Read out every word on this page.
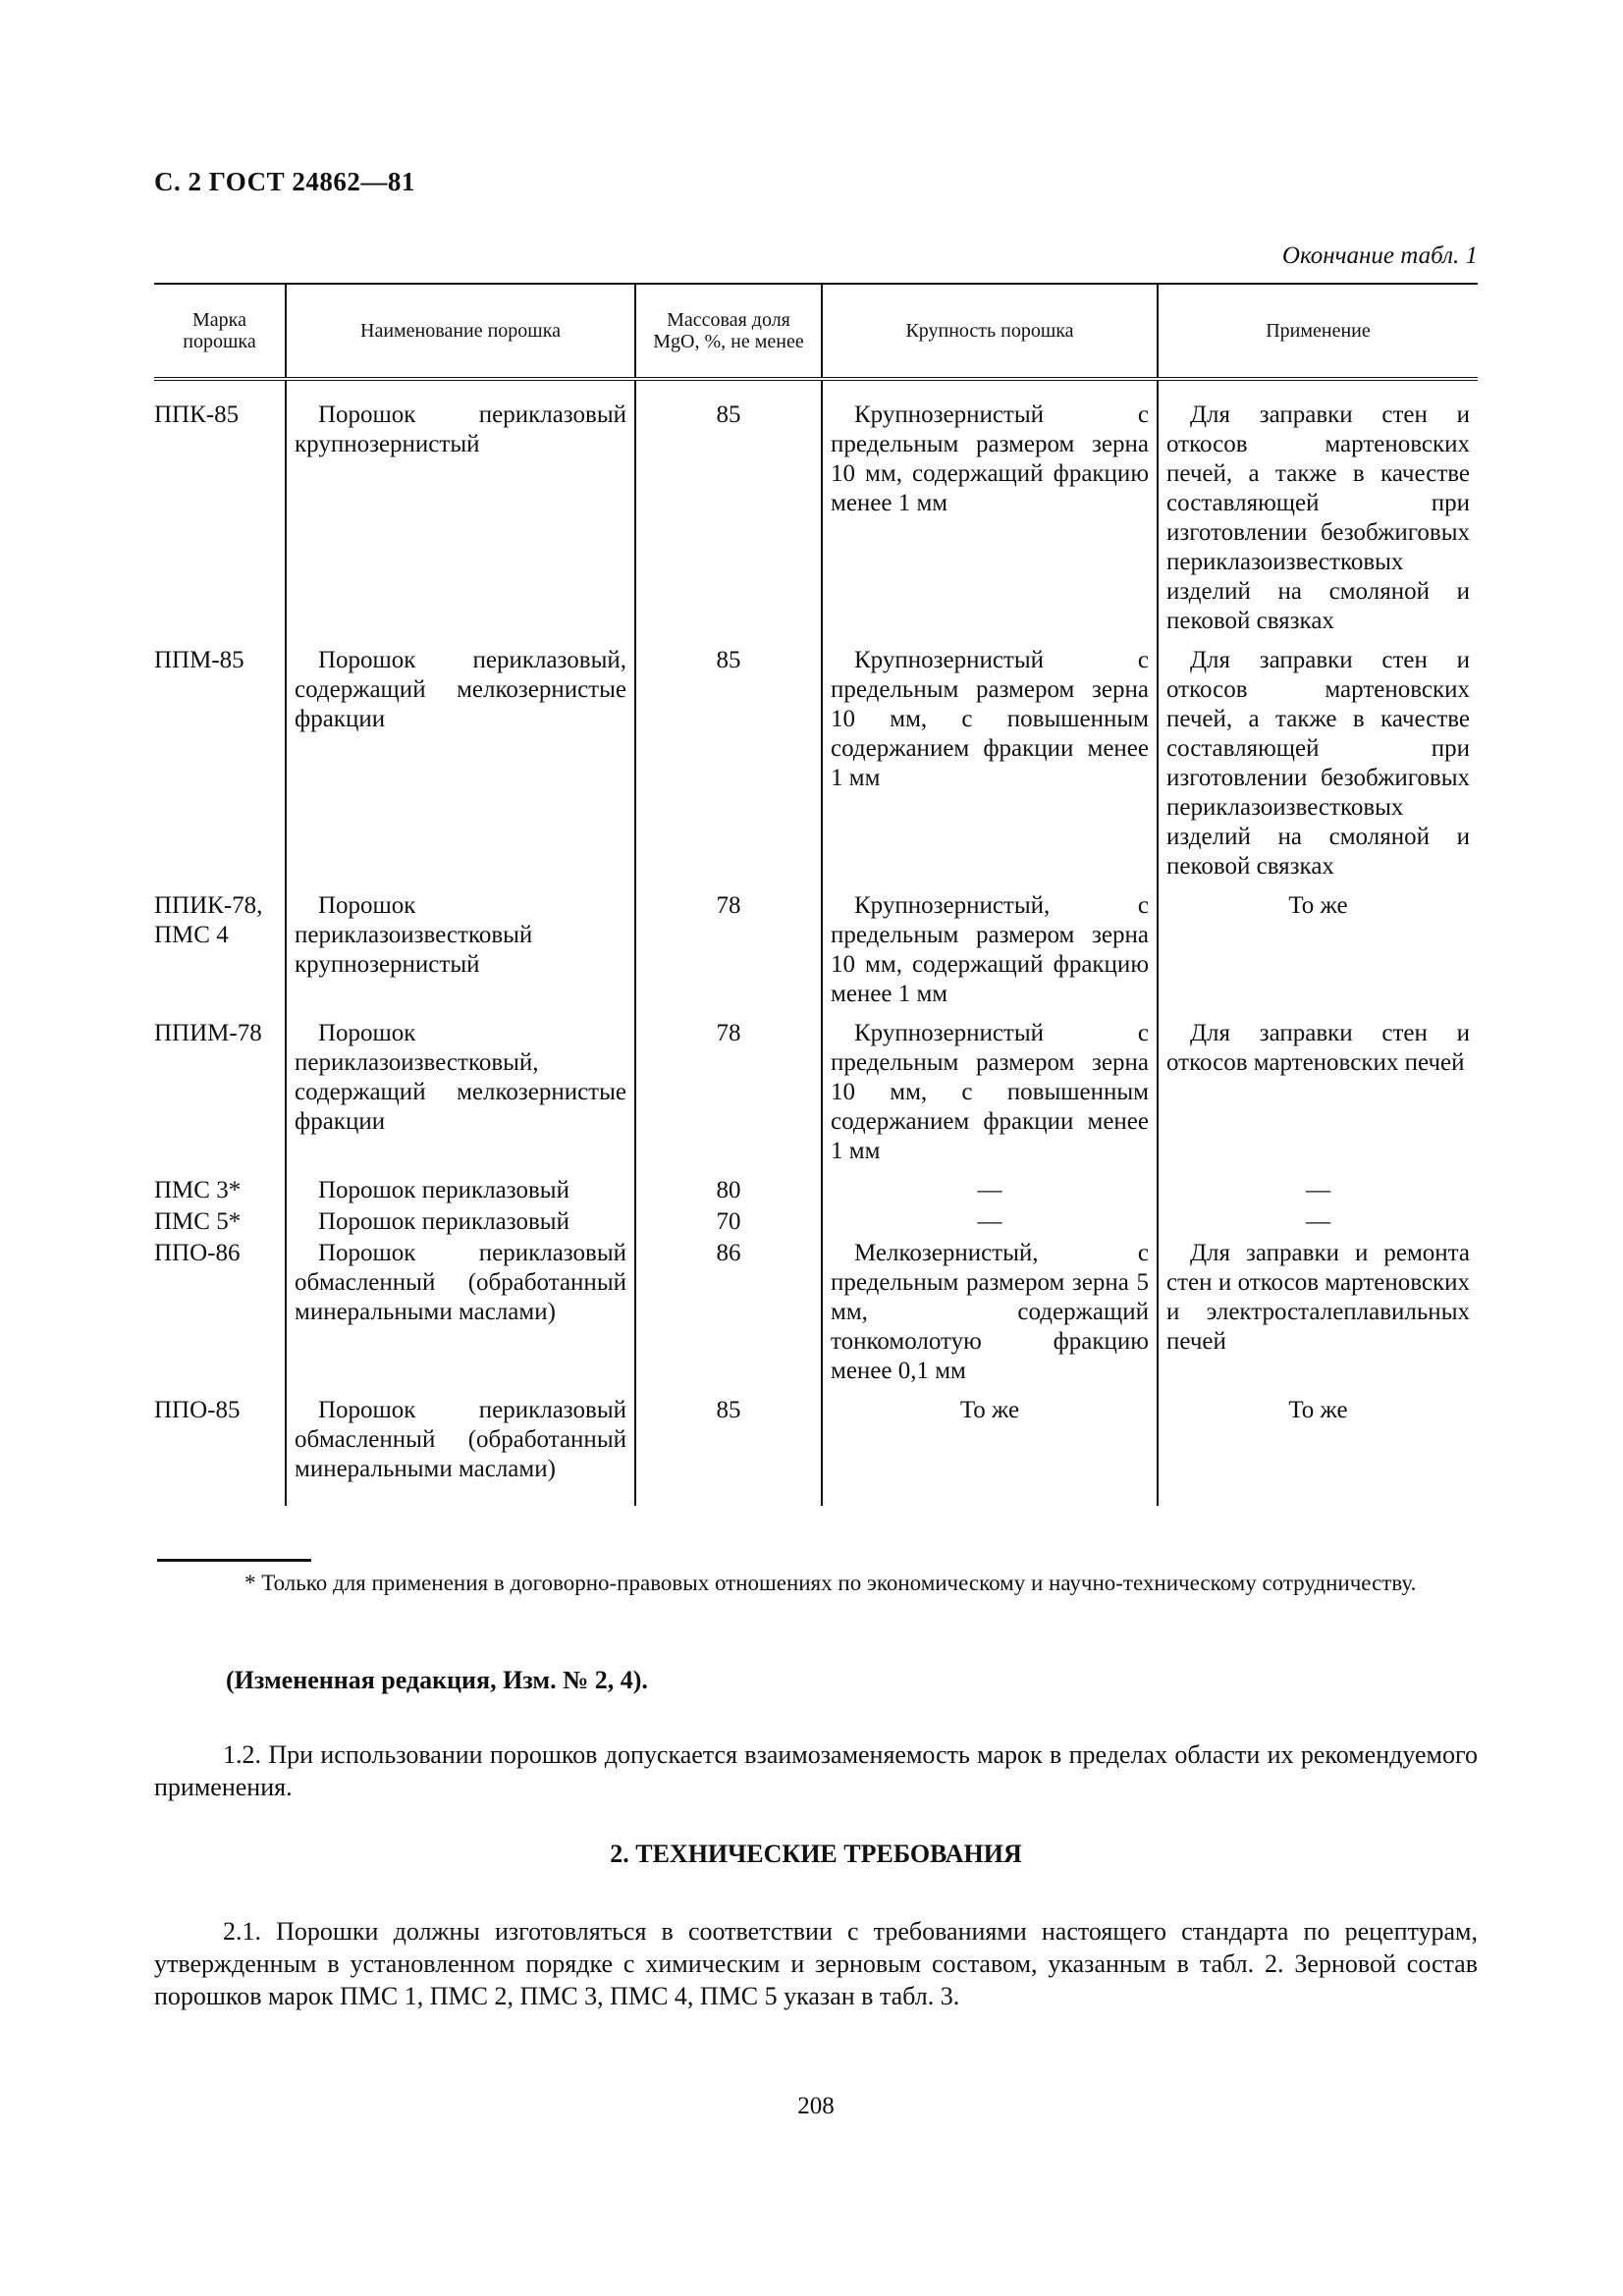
С. 2 ГОСТ 24862—81
Окончание табл. 1
Марка порошка	Наименование порошка	Массовая доля MgO, %, не менее	Крупность порошка	Применение
ППК-85	Порошок периклазовый крупнозернистый	85	Крупнозернистый с предельным размером зерна 10 мм, содержащий фракцию менее 1 мм	Для заправки стен и откосов мартеновских печей, а также в качестве составляющей при изготовлении безобжиговых периклазоизвестковых изделий на смоляной и пековой связках
ППМ-85	Порошок периклазовый, содержащий мелкозернистые фракции	85	Крупнозернистый с предельным размером зерна 10 мм, с повышенным содержанием фракции менее 1 мм	Для заправки стен и откосов мартеновских печей, а также в качестве составляющей при изготовлении безобжиговых периклазоизвестковых изделий на смоляной и пековой связках
ППИК-78, ПМС 4	Порошок периклазоизвестковый крупнозернистый	78	Крупнозернистый, с предельным размером зерна 10 мм, содержащий фракцию менее 1 мм	То же
ППИМ-78	Порошок периклазоизвестковый, содержащий мелкозернистые фракции	78	Крупнозернистый с предельным размером зерна 10 мм, с повышенным содержанием фракции менее 1 мм	Для заправки стен и откосов мартеновских печей
ПМС 3*	Порошок периклазовый	80	—	—
ПМС 5*	Порошок периклазовый	70	—	—
ППО-86	Порошок периклазовый обмасленный (обработанный минеральными маслами)	86	Мелкозернистый, с предельным размером зерна 5 мм, содержащий тонкомолотую фракцию менее 0,1 мм	Для заправки и ремонта стен и откосов мартеновских и электросталеплавильных печей
ППО-85	Порошок периклазовый обмасленный (обработанный минеральными маслами)	85	То же	То же
* Только для применения в договорно-правовых отношениях по экономическому и научно-техническому сотрудничеству.
(Измененная редакция, Изм. № 2, 4).
1.2. При использовании порошков допускается взаимозаменяемость марок в пределах области их рекомендуемого применения.
2. ТЕХНИЧЕСКИЕ ТРЕБОВАНИЯ
2.1. Порошки должны изготовляться в соответствии с требованиями настоящего стандарта по рецептурам, утвержденным в установленном порядке с химическим и зерновым составом, указанным в табл. 2. Зерновой состав порошков марок ПМС 1, ПМС 2, ПМС 3, ПМС 4, ПМС 5 указан в табл. 3.
208
